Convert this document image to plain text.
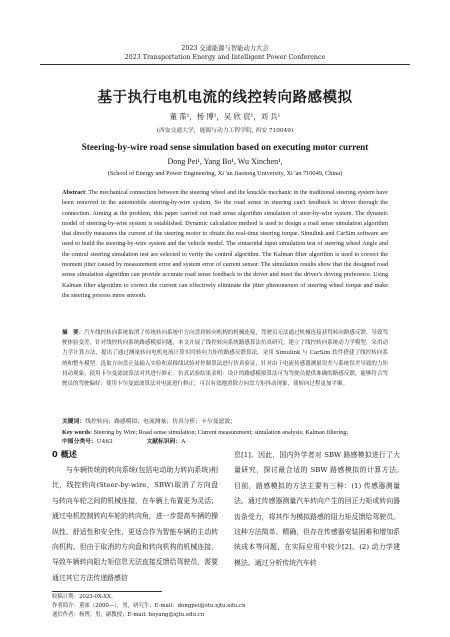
2023 交通能源与智能动力大会
2023 Transportation Energy and Intelligent Power Conference
基于执行电机电流的线控转向路感模拟
董 霈¹，杨 博¹，吴 欣 宸¹，刘 兵¹
(西安交通大学，能源与动力工程学院, 西安 710049)
Steering-by-wire road sense simulation based on executing motor current
Dong Pei¹, Yang Bo¹, Wu Xinchen¹,
(School of Energy and Power Engineering, Xi 'an Jiaotong University, Xi 'an 710049, China)
Abstract: The mechanical connection between the steering wheel and the knuckle mechanic in the traditional steering system have been removed in the automobile steering-by-wire system, So the road sense in steering can't feedback to driver through the connection. Aiming at the problem, this paper carried out road sense algorithm simulation of steer-by-wire system. The dynamic model of steering-by-wire system is established. Dynamic calculation method is used to design a road sense simulation algorithm that directly measures the current of the steering motor to obtain the real-time steering torque. Simulink and CarSim software are used to build the steering-by-wire system and the vehicle model. The sinusoidal input simulation test of steering wheel Angle and the central steering simulation test are selected to verify the control algorithm. The Kalman filter algorithm is used to correct the moment jitter caused by measurement error and system error of current sensor. The simulation results show that the designed road sense simulation algorithm can provide accurate road sense feedback to the driver and meet the driver's driving preference. Using Kalman filter algorithm to correct the current can effectively eliminate the jitter phenomenon of steering wheel torque and make the steering process more smooth.
摘　要：汽车线控转向系统取消了传统转向系统中方向盘到转向机构的机械连接，驾驶员无法通过机械连接获得转向路感反馈，导致驾驶体验变差。针对线控转向系统路感模拟问题，本文开展了线控转向系统路感算法仿真研究。建立了线控转向系统动力学模型，采用动力学计算方法，提出了通过测量转向电机电流计算实时转向力矩的路感反馈算法。采用 Simulink 与 CarSim 软件搭建了线控转向系统和整车模型，选取方向盘正弦输入实验和双移线试验对控制算法进行仿真验证，针对由于电流传感器测量误差与系统误差导致的力矩抖动现象，使用卡尔曼滤波算法对其进行修正。仿真试验结果表明：设计的路感模拟算法可为驾驶员提供准确的路感反馈，能够符合驾驶员的驾驶偏好；使用卡尔曼滤波算法对电流进行修正，可以有效地消除方向盘力矩抖动现象，使转向过程更加平顺。
关键词：线控转向；路感模拟；电流测量；仿真分析；卡尔曼滤波；
Key words: Steering by Wire; Road sense simulation; Current measurement; simulation analysis; Kalman filtering;
中图分类号：U463	文献标识码：A
0 概述
与车辆传统的转向系统(包括电动助力转向系统)相比，线控转向(Steer-by-wire，SBW)取消了方向盘与转向车轮之间的机械连接，在车辆上布置更为灵活；通过电机控制转向车轮的转向角，进一步提高车辆的操纵性、舒适性和安全性，更适合作为智能车辆的主动转向机构。但由于取消的方向盘和转向机构的机械连接，导致车辆转向阻力矩信息无法直接反馈给驾驶员，需要通过其它方法传递路感信
息[1]。因此，国内外学者对 SBW 路感模拟进行了大量研究，探讨最合适的 SBW 路感模拟的计算方法。　　目前，路感模拟的方法主要有三种：(1) 传感器测量法。通过传感器测量汽车转向产生的回正力矩或转向器齿条受力，将其作为模拟路感的阻力矩反馈给驾驶员。这种方法简单、精确，但存在传感器安装困难和增加系统成本等问题，在实际应用中较少[2]。(2) 动力学建模法。通过分析传统汽车转
收稿日期：2023-0X-XX。
作者简介：董霈（2000—），男，研究生；E-mail：dongpei@stu.xjtu.edu.cn
通信作者：杨博，男，副教授；E-mail: boyang@xjtu.edu.cn
